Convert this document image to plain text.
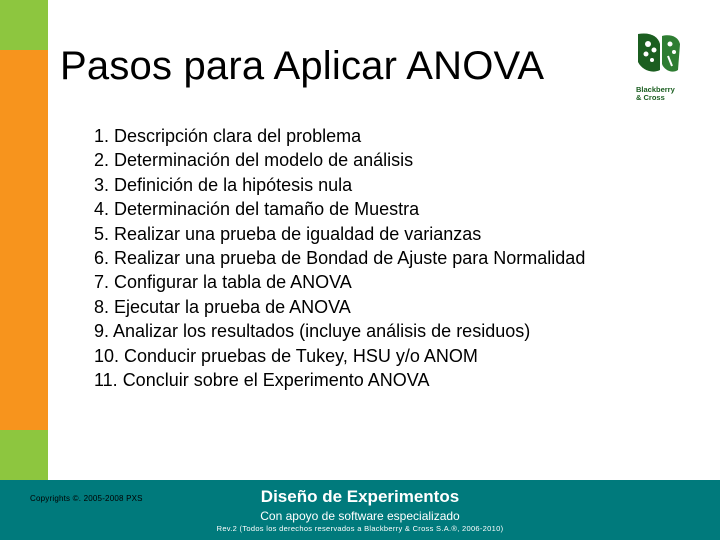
Pasos para Aplicar ANOVA
Blackberry
& Cross
1. Descripción clara del problema
2. Determinación del modelo de análisis
3. Definición de la hipótesis nula
4. Determinación del tamaño de Muestra
5. Realizar una prueba de igualdad de varianzas
6. Realizar una prueba de Bondad de Ajuste para Normalidad
7. Configurar la tabla de ANOVA
8. Ejecutar la prueba de ANOVA
9. Analizar los resultados (incluye análisis de residuos)
10. Conducir pruebas de Tukey, HSU y/o ANOM
11. Concluir sobre el Experimento ANOVA
Copyrights ©. 2005-2008 PXS	Diseño de Experimentos
Con apoyo de software especializado
Rev.2 (Todos los derechos reservados a Blackberry & Cross S.A.®, 2006-2010)
